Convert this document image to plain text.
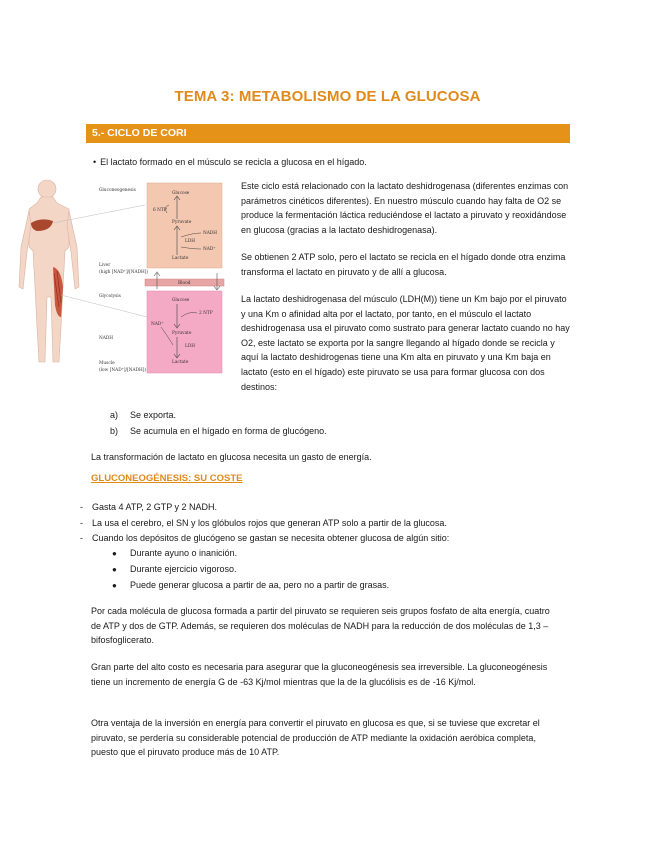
TEMA 3: METABOLISMO DE LA GLUCOSA
5.- CICLO DE CORI
• El lactato formado en el músculo se recicla a glucosa en el hígado.
Gluconeogenesis
Liver
(high [NAD⁺]/[NADH])
Glycolysis
NADH
Muscle
(low [NAD⁺]/[NADH])
Glucose
6 NTP
Pyruvate
NADH
LDH
NAD⁺
Lactate
Blood
Glucose
2 NTP
NAD⁺
Pyruvate
LDH
Lactate
Este ciclo está relacionado con la lactato deshidrogenasa (diferentes enzimas con parámetros cinéticos diferentes). En nuestro músculo cuando hay falta de O2 se produce la fermentación láctica reduciéndose el lactato a piruvato y reoxidándose en glucosa (gracias a la lactato deshidrogenasa).
Se obtienen 2 ATP solo, pero el lactato se recicla en el hígado donde otra enzima transforma el lactato en piruvato y de allí a glucosa.
La lactato deshidrogenasa del músculo (LDH(M)) tiene un Km bajo por el piruvato y una Km o afinidad alta por el lactato, por tanto, en el músculo el lactato deshidrogenasa usa el piruvato como sustrato para generar lactato cuando no hay O2, este lactato se exporta por la sangre llegando al hígado donde se recicla y aquí la lactato deshidrogenas tiene una Km alta en piruvato y una Km baja en lactato (esto en el hígado) este piruvato se usa para formar glucosa con dos destinos:
a) Se exporta.
b) Se acumula en el hígado en forma de glucógeno.
La transformación de lactato en glucosa necesita un gasto de energía.
GLUCONEOGÉNESIS: SU COSTE
- Gasta 4 ATP, 2 GTP y 2 NADH.
- La usa el cerebro, el SN y los glóbulos rojos que generan ATP solo a partir de la glucosa.
- Cuando los depósitos de glucógeno se gastan se necesita obtener glucosa de algún sitio:
● Durante ayuno o inanición.
● Durante ejercicio vigoroso.
● Puede generar glucosa a partir de aa, pero no a partir de grasas.
Por cada molécula de glucosa formada a partir del piruvato se requieren seis grupos fosfato de alta energía, cuatro de ATP y dos de GTP. Además, se requieren dos moléculas de NADH para la reducción de dos moléculas de 1,3 – bifosfoglicerato.
Gran parte del alto costo es necesaria para asegurar que la gluconeogénesis sea irreversible. La gluconeogénesis tiene un incremento de energía G de -63 Kj/mol mientras que la de la glucólisis es de -16 Kj/mol.
Otra ventaja de la inversión en energía para convertir el piruvato en glucosa es que, si se tuviese que excretar el piruvato, se perdería su considerable potencial de producción de ATP mediante la oxidación aeróbica completa, puesto que el piruvato produce más de 10 ATP.
